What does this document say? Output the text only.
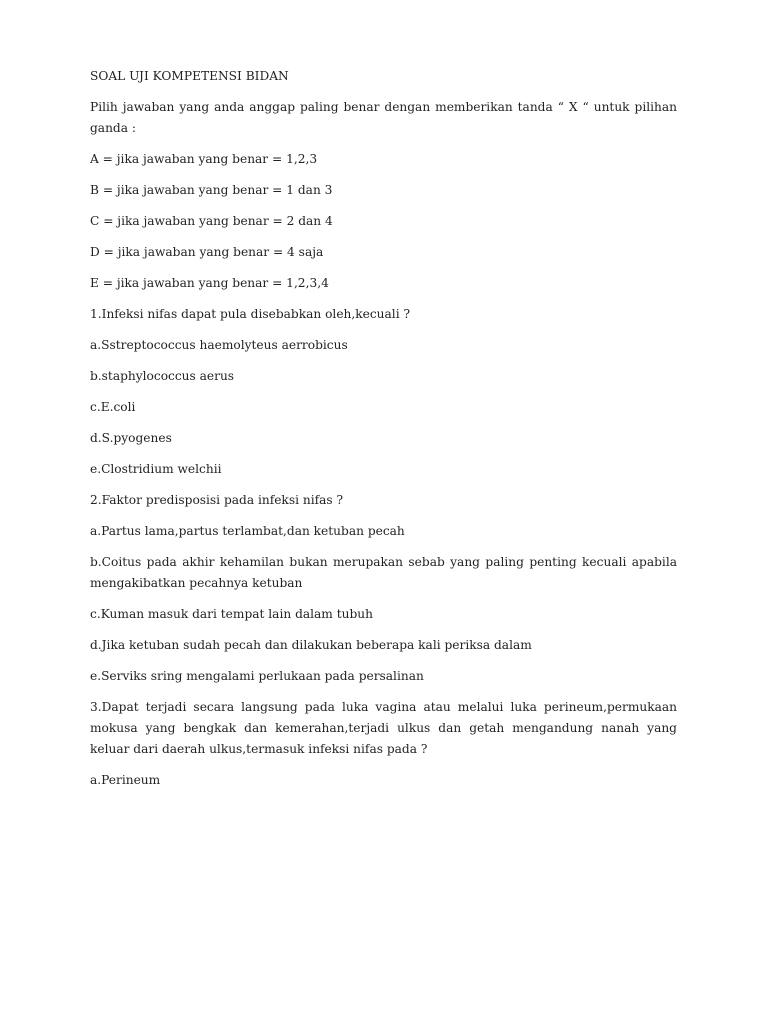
SOAL UJI KOMPETENSI BIDAN

Pilih jawaban yang anda anggap paling benar dengan memberikan tanda “ X “ untuk pilihan ganda :

A = jika jawaban yang benar = 1,2,3

B = jika jawaban yang benar = 1 dan 3

C = jika jawaban yang benar = 2 dan 4

D = jika jawaban yang benar = 4 saja

E = jika jawaban yang benar = 1,2,3,4

1.Infeksi nifas dapat pula disebabkan oleh,kecuali ?

a.Sstreptococcus haemolyteus aerrobicus

b.staphylococcus aerus

c.E.coli

d.S.pyogenes

e.Clostridium welchii

2.Faktor predisposisi pada infeksi nifas ?

a.Partus lama,partus terlambat,dan ketuban pecah

b.Coitus pada akhir kehamilan bukan merupakan sebab yang paling penting kecuali apabila mengakibatkan pecahnya ketuban

c.Kuman masuk dari tempat lain dalam tubuh

d.Jika ketuban sudah pecah dan dilakukan beberapa kali periksa dalam

e.Serviks sring mengalami perlukaan pada persalinan

3.Dapat terjadi secara langsung pada luka vagina atau melalui luka perineum,permukaan mokusa yang bengkak dan kemerahan,terjadi ulkus dan getah mengandung nanah yang keluar dari daerah ulkus,termasuk infeksi nifas pada ?

a.Perineum
